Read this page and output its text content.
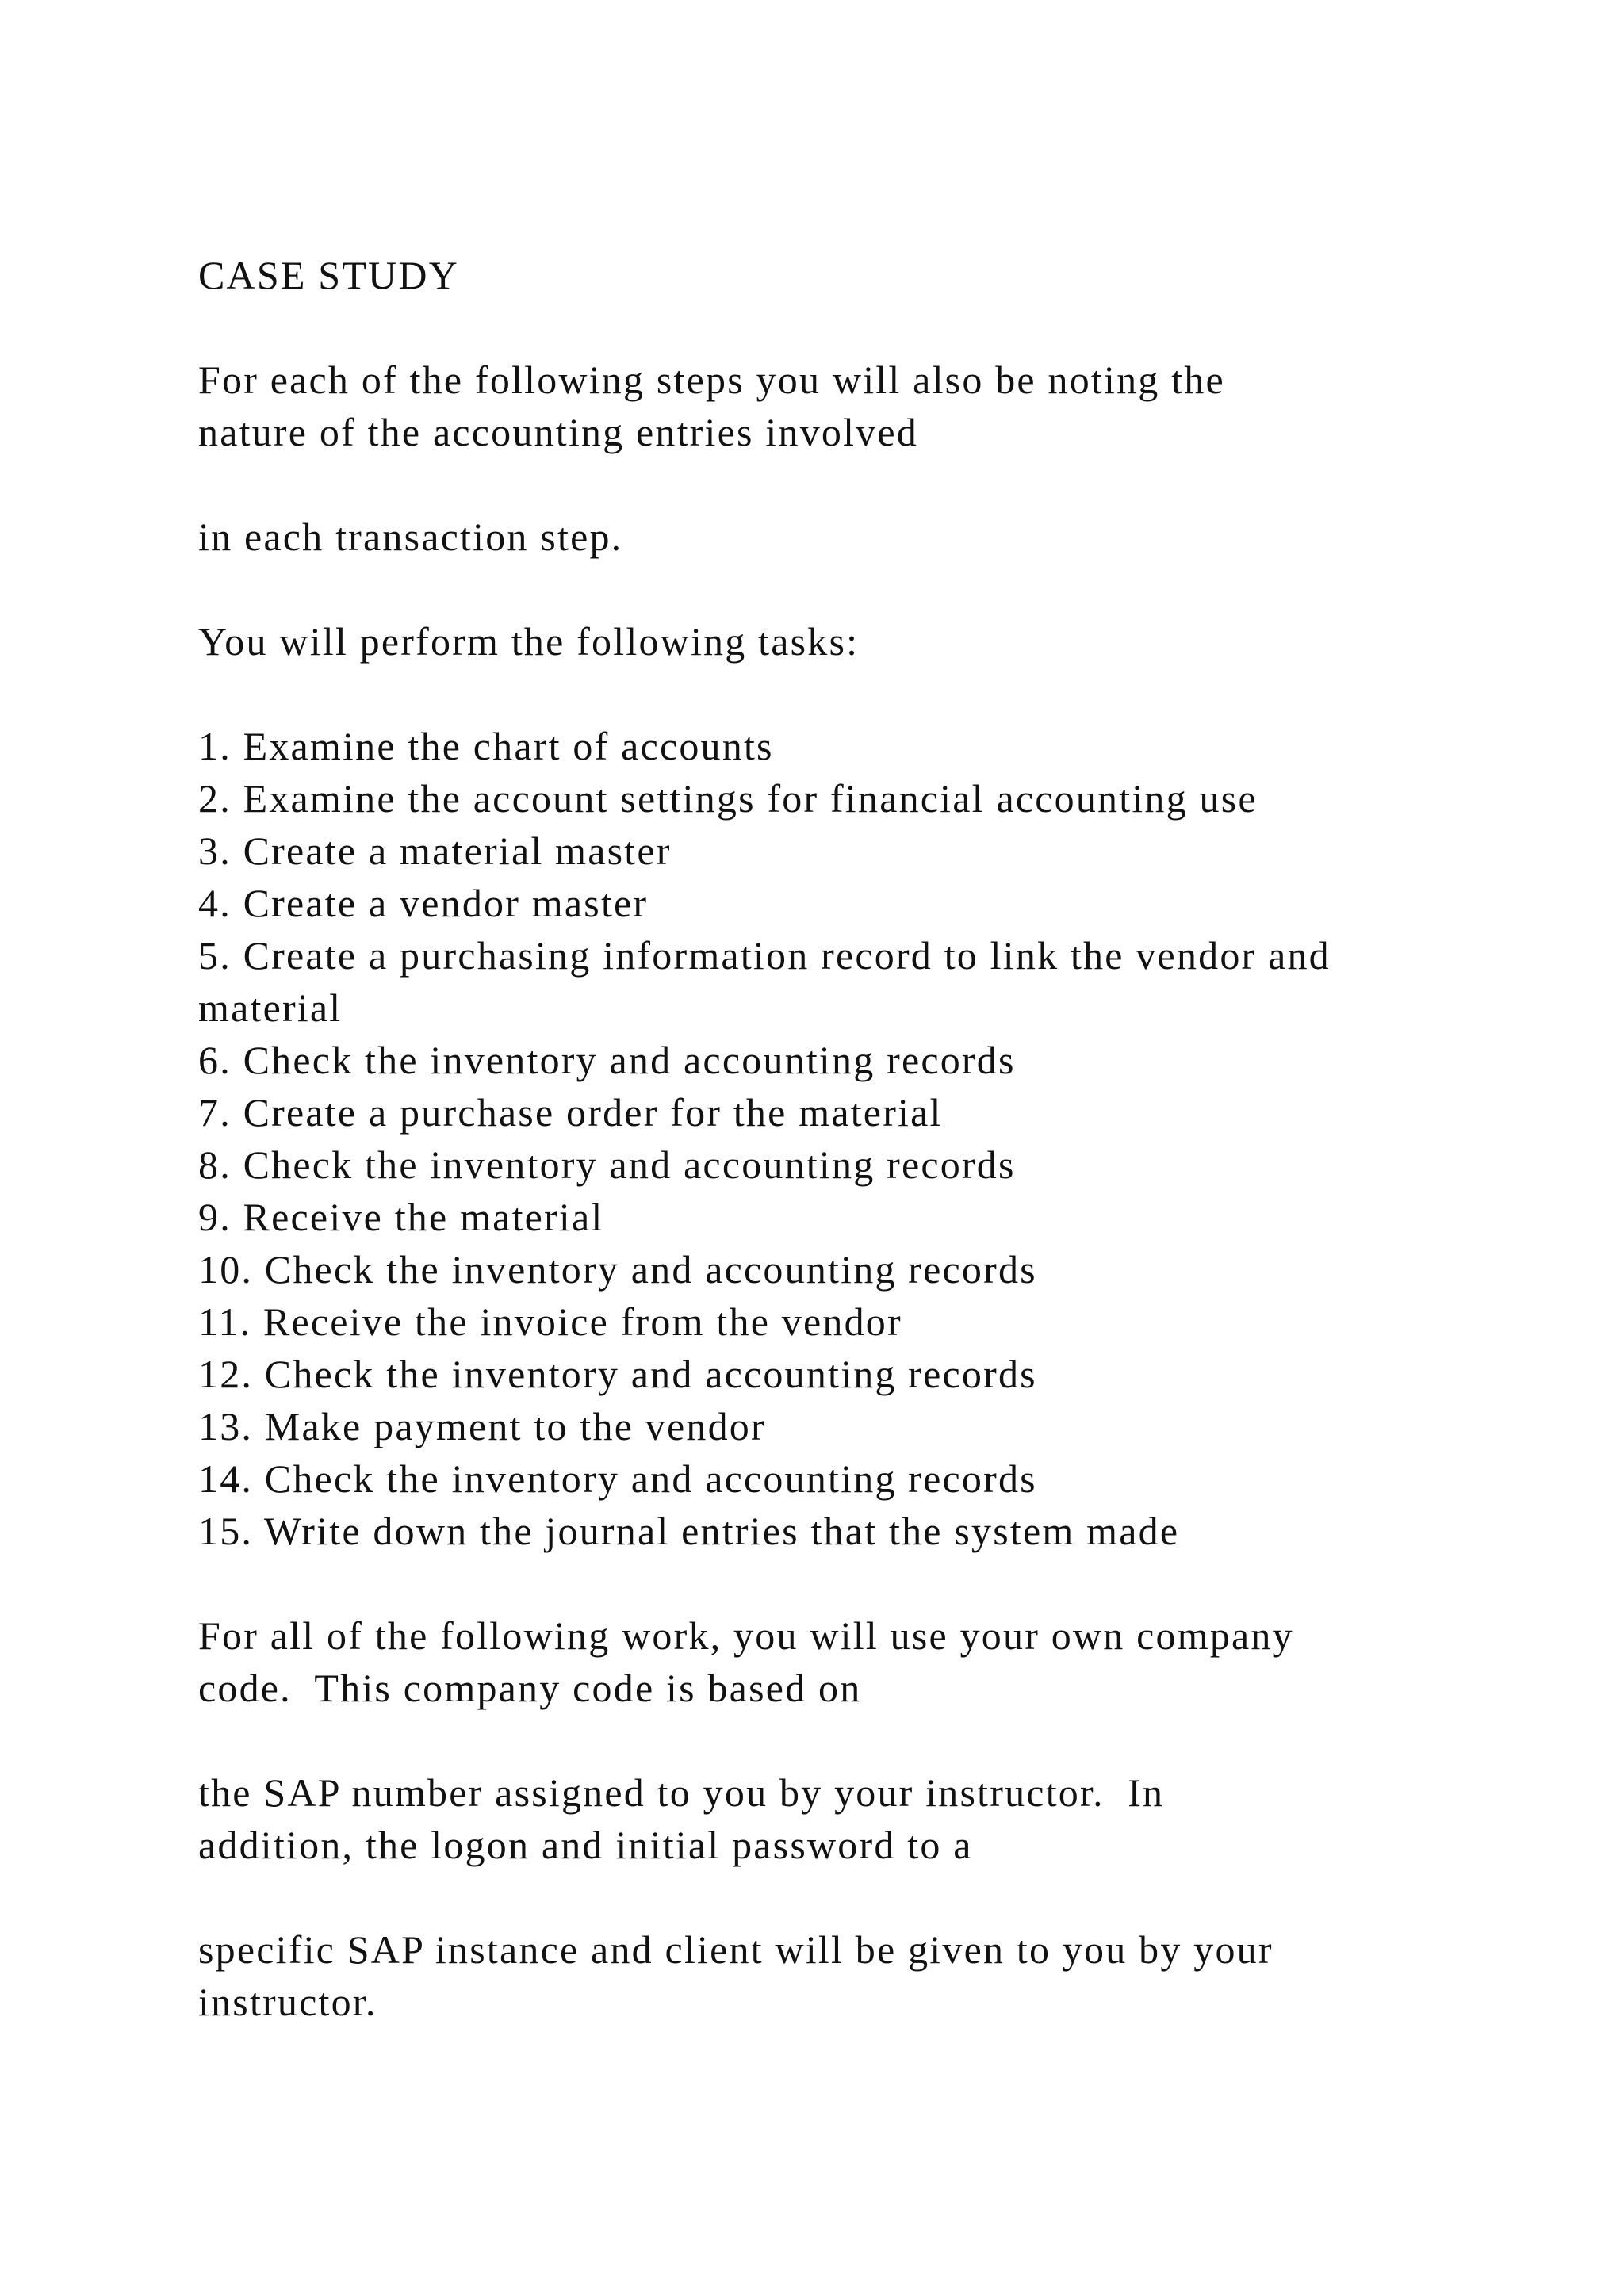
CASE STUDY
For each of the following steps you will also be noting the
nature of the accounting entries involved
in each transaction step.
You will perform the following tasks:
1. Examine the chart of accounts
2. Examine the account settings for financial accounting use
3. Create a material master
4. Create a vendor master
5. Create a purchasing information record to link the vendor and
material
6. Check the inventory and accounting records
7. Create a purchase order for the material
8. Check the inventory and accounting records
9. Receive the material
10. Check the inventory and accounting records
11. Receive the invoice from the vendor
12. Check the inventory and accounting records
13. Make payment to the vendor
14. Check the inventory and accounting records
15. Write down the journal entries that the system made
For all of the following work, you will use your own company
code.  This company code is based on
the SAP number assigned to you by your instructor.  In
addition, the logon and initial password to a
specific SAP instance and client will be given to you by your
instructor.
